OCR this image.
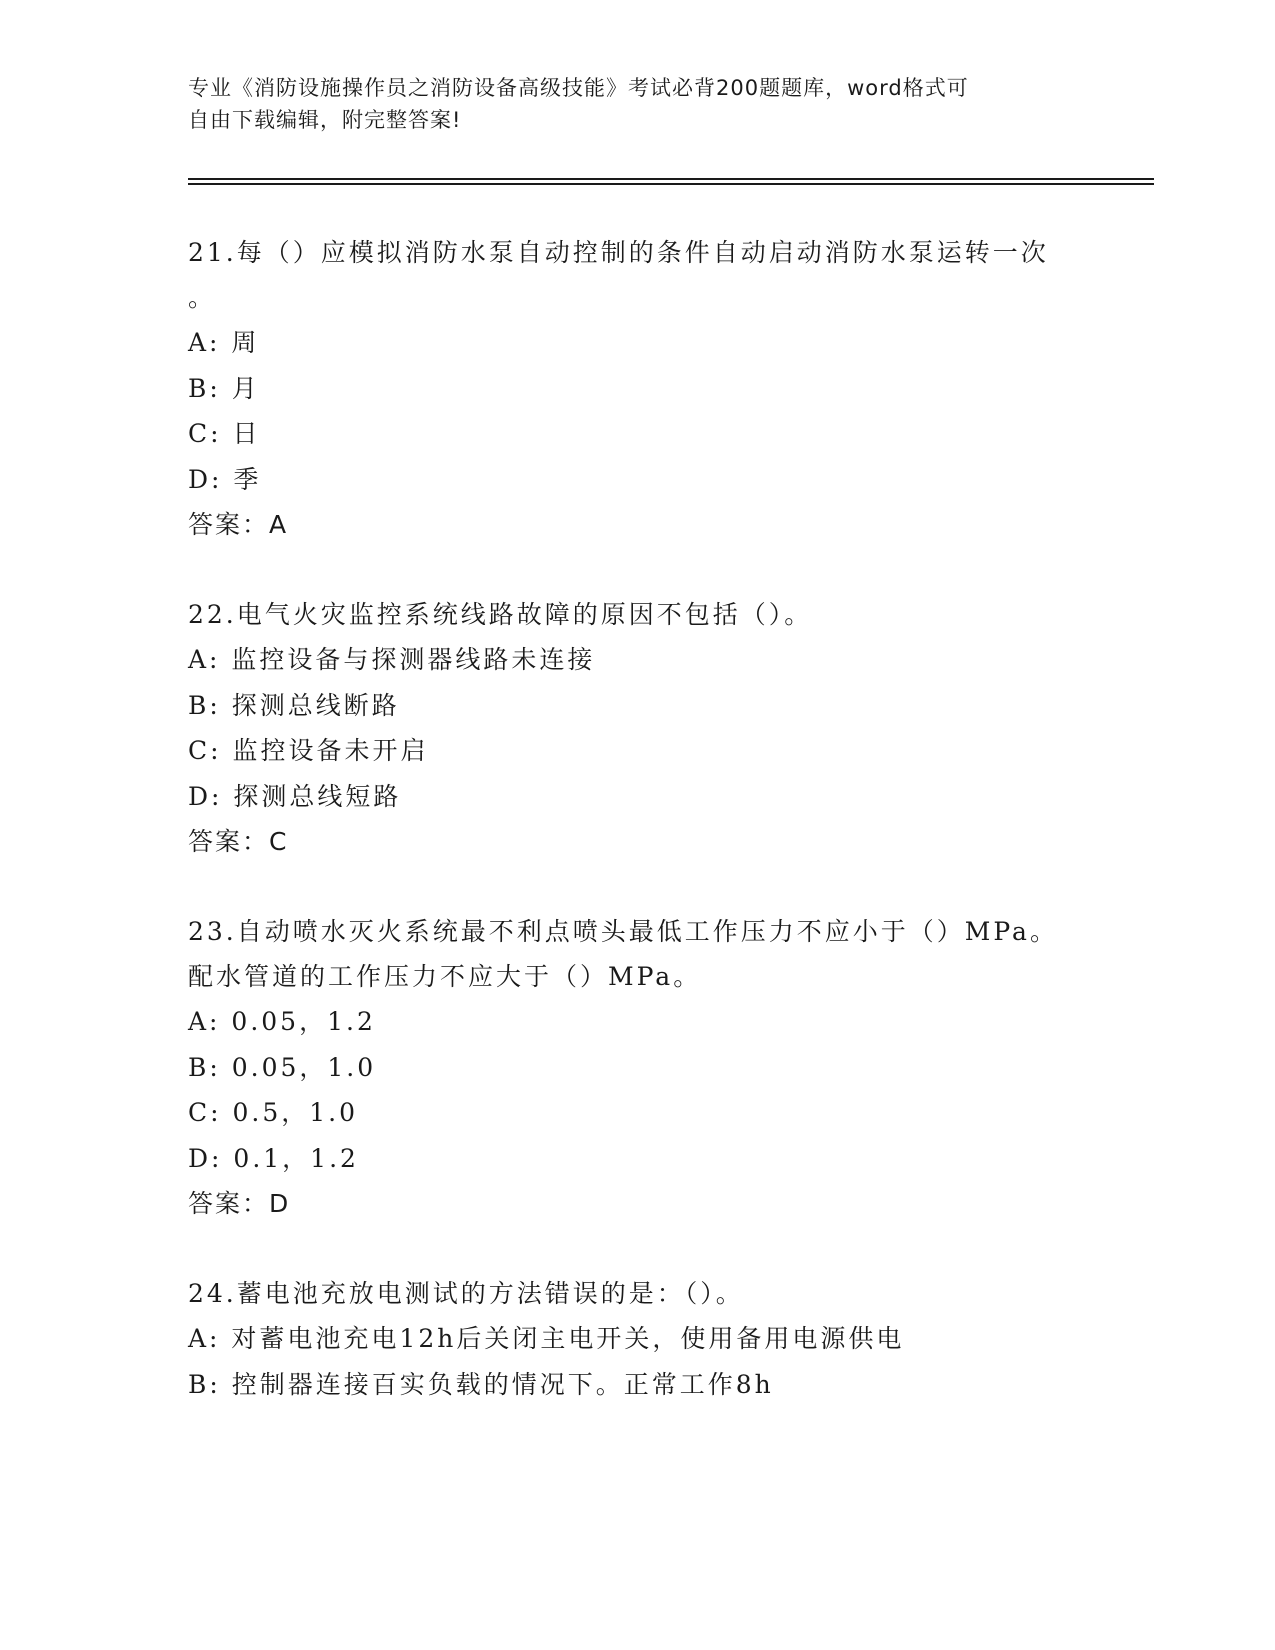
专业《消防设施操作员之消防设备高级技能》考试必背200题题库，word格式可
自由下载编辑，附完整答案!
21.每（）应模拟消防水泵自动控制的条件自动启动消防水泵运转一次
。
A: 周
B: 月
C: 日
D: 季
答案：A
22.电气火灾监控系统线路故障的原因不包括（）。
A: 监控设备与探测器线路未连接
B: 探测总线断路
C: 监控设备未开启
D: 探测总线短路
答案：C
23.自动喷水灭火系统最不利点喷头最低工作压力不应小于（）MPa。
配水管道的工作压力不应大于（）MPa。
A: 0.05，1.2
B: 0.05，1.0
C: 0.5，1.0
D: 0.1，1.2
答案：D
24.蓄电池充放电测试的方法错误的是：（）。
A: 对蓄电池充电12h后关闭主电开关，使用备用电源供电
B: 控制器连接百实负载的情况下。正常工作8h
